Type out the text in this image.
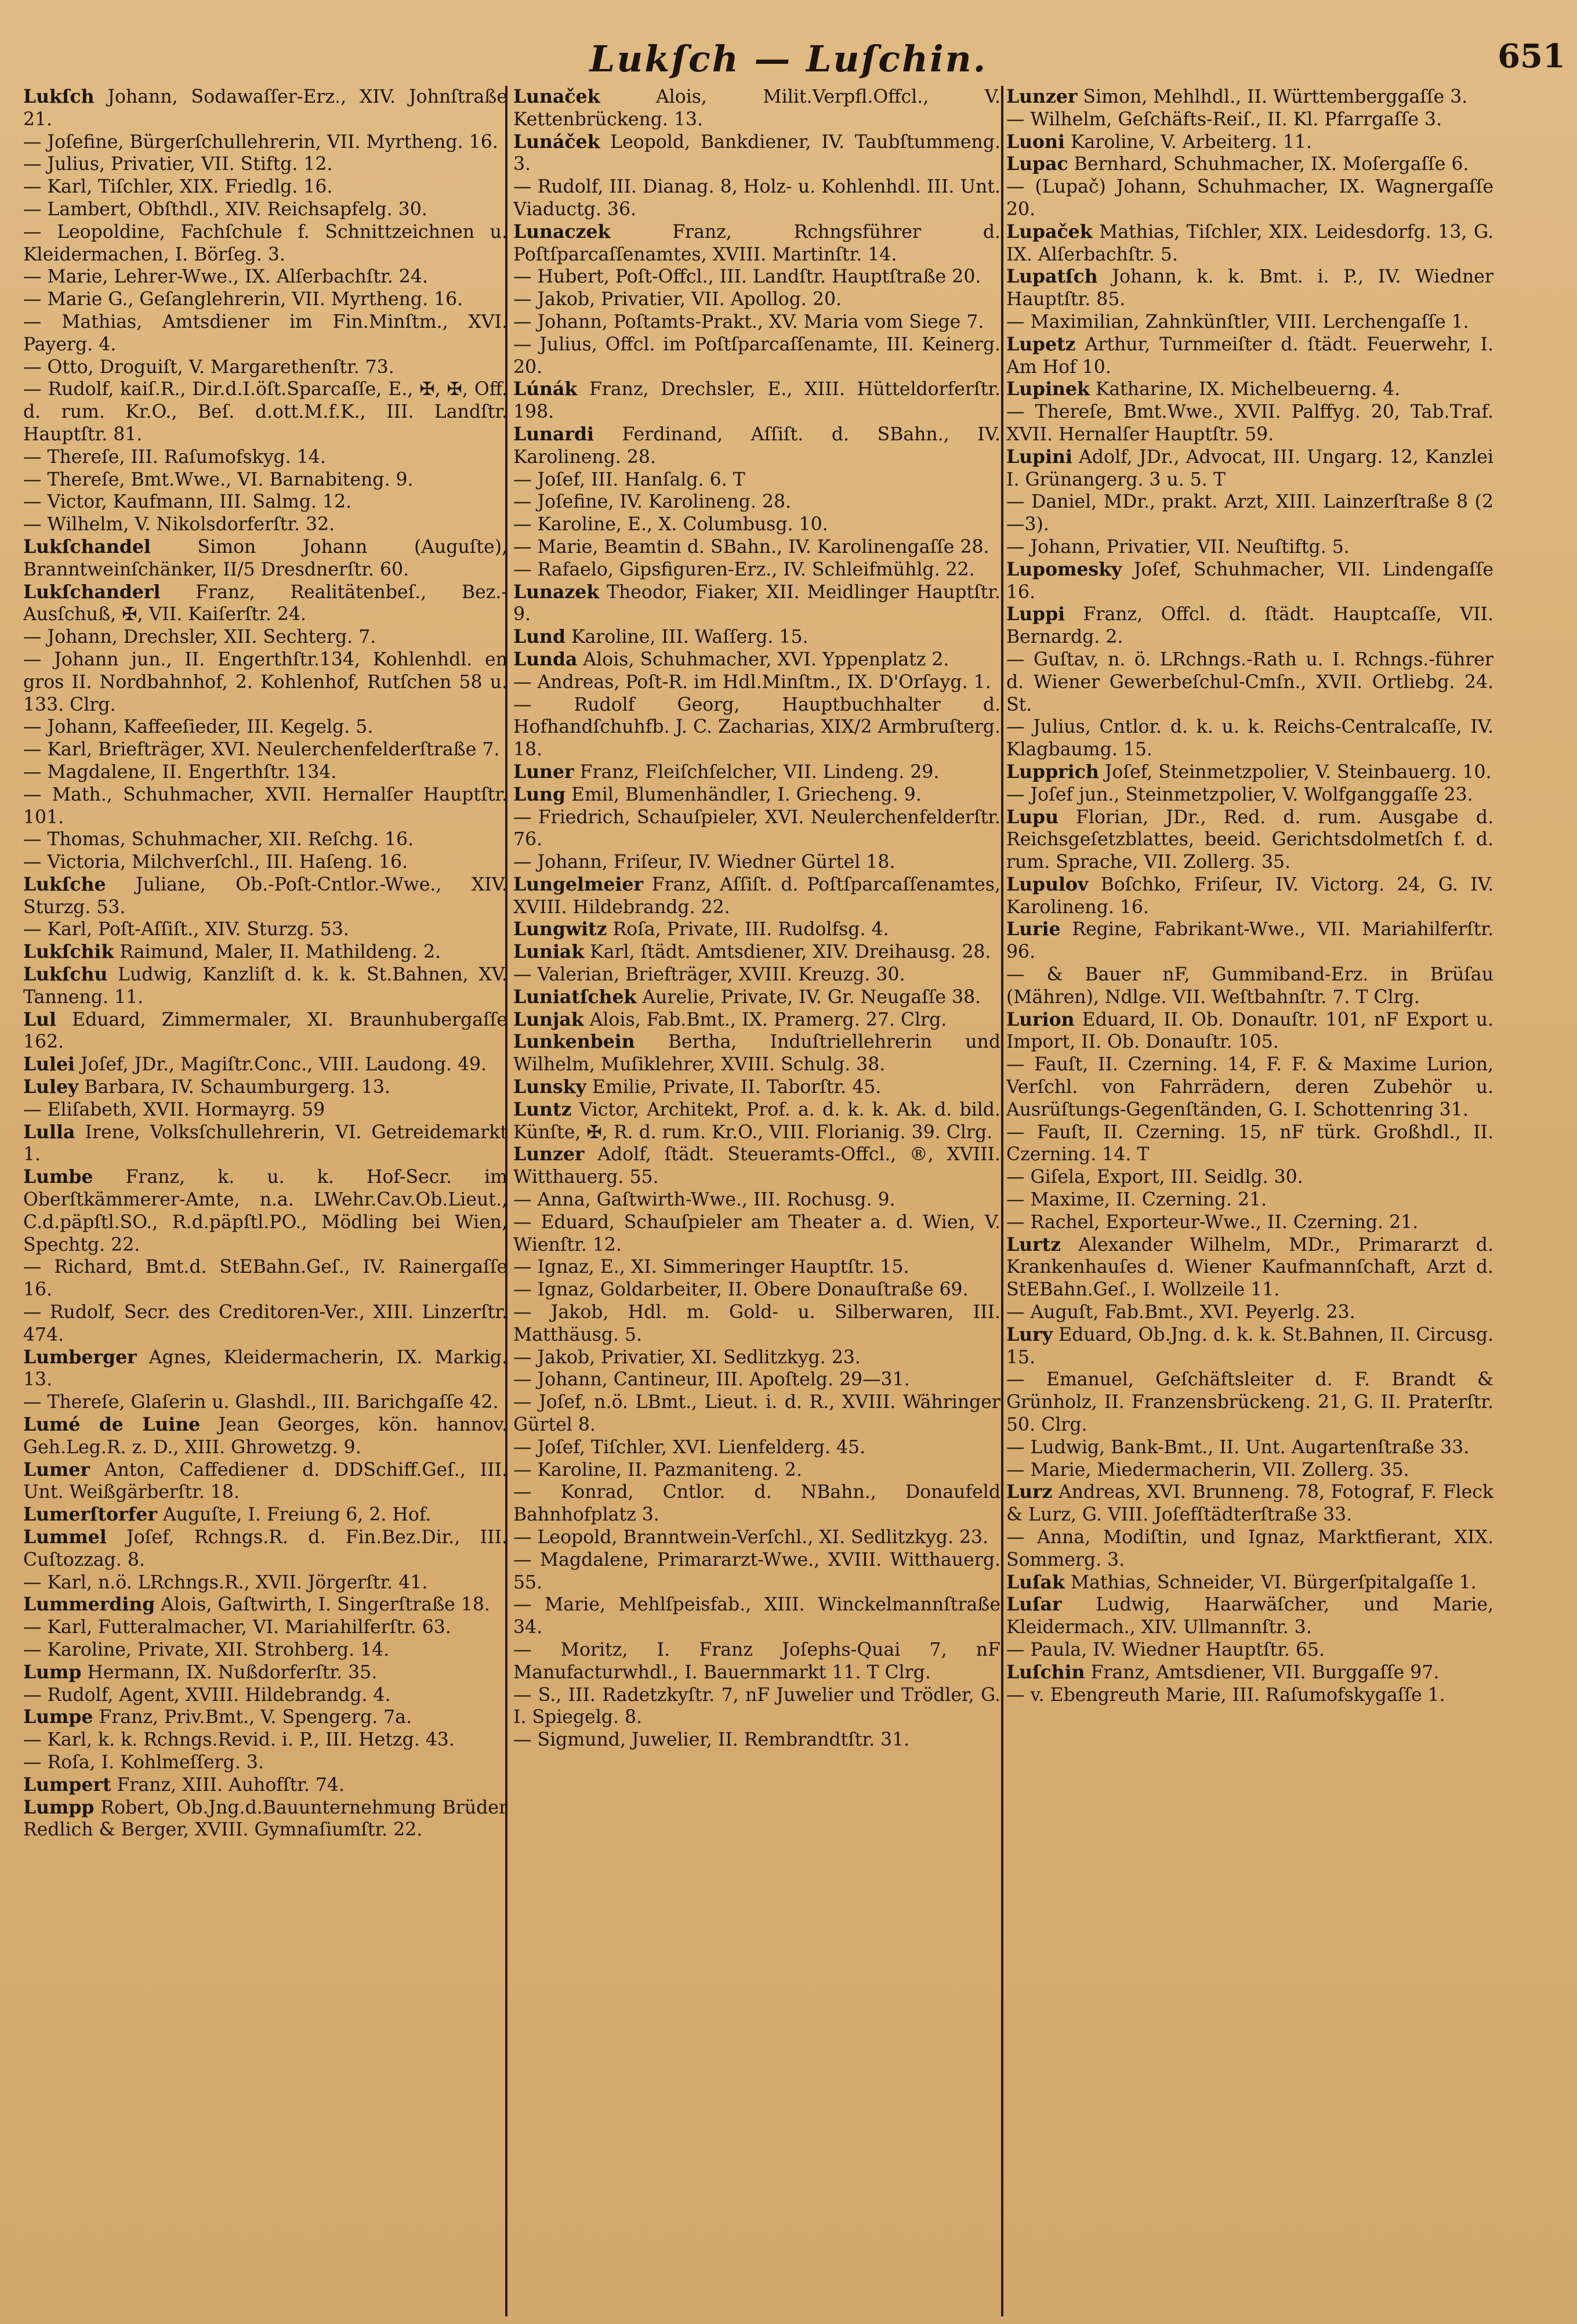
Lukſch — Luſchin.	651
Lukſch Johann, Sodawaſſer-Erz., XIV. Johnſtraße 21.
— Joſefine, Bürgerſchullehrerin, VII. Myrtheng. 16.
— Julius, Privatier, VII. Stiftg. 12.
— Karl, Tiſchler, XIX. Friedlg. 16.
— Lambert, Obſthdl., XIV. Reichsapfelg. 30.
— Leopoldine, Fachſchule f. Schnittzeichnen u. Kleidermachen, I. Börſeg. 3.
— Marie, Lehrer-Wwe., IX. Alſerbachſtr. 24.
— Marie G., Geſanglehrerin, VII. Myrtheng. 16.
— Mathias, Amtsdiener im Fin.Minſtm., XVI. Payerg. 4.
— Otto, Droguiſt, V. Margarethenſtr. 73.
— Rudolf, kaiſ.R., Dir.d.I.öſt.Sparcaſſe, E., ✠, ✠, Off. d. rum. Kr.O., Beſ. d.ott.M.f.K., III. Landſtr. Hauptſtr. 81.
— Thereſe, III. Raſumofskyg. 14.
— Thereſe, Bmt.Wwe., VI. Barnabiteng. 9.
— Victor, Kaufmann, III. Salmg. 12.
— Wilhelm, V. Nikolsdorferſtr. 32.
Lukſchandel Simon Johann (Auguſte), Branntweinſchänker, II/5 Dresdnerſtr. 60.
Lukſchanderl Franz, Realitätenbeſ., Bez.-Ausſchuß, ✠, VII. Kaiſerſtr. 24.
— Johann, Drechsler, XII. Sechterg. 7.
— Johann jun., II. Engerthſtr.134, Kohlenhdl. en gros II. Nordbahnhof, 2. Kohlenhof, Rutſchen 58 u. 133. Clrg.
— Johann, Kaffeeſieder, III. Kegelg. 5.
— Karl, Briefträger, XVI. Neulerchenfelderſtraße 7.
— Magdalene, II. Engerthſtr. 134.
— Math., Schuhmacher, XVII. Hernalſer Hauptſtr. 101.
— Thomas, Schuhmacher, XII. Reſchg. 16.
— Victoria, Milchverſchl., III. Haſeng. 16.
Lukſche Juliane, Ob.-Poſt-Cntlor.-Wwe., XIV. Sturzg. 53.
— Karl, Poſt-Aſſiſt., XIV. Sturzg. 53.
Lukſchik Raimund, Maler, II. Mathildeng. 2.
Lukſchu Ludwig, Kanzliſt d. k. k. St.Bahnen, XV. Tanneng. 11.
Lul Eduard, Zimmermaler, XI. Braunhubergaſſe 162.
Lulei Joſef, JDr., Magiſtr.Conc., VIII. Laudong. 49.
Luley Barbara, IV. Schaumburgerg. 13.
— Eliſabeth, XVII. Hormayrg. 59
Lulla Irene, Volksſchullehrerin, VI. Getreidemarkt 1.
Lumbe Franz, k. u. k. Hof-Secr. im Oberſtkämmerer-Amte, n.a. LWehr.Cav.Ob.Lieut., C.d.päpſtl.SO., R.d.päpſtl.PO., Mödling bei Wien, Spechtg. 22.
— Richard, Bmt.d. StEBahn.Geſ., IV. Rainergaſſe 16.
— Rudolf, Secr. des Creditoren-Ver., XIII. Linzerſtr. 474.
Lumberger Agnes, Kleidermacherin, IX. Markig. 13.
— Thereſe, Glaſerin u. Glashdl., III. Barichgaſſe 42.
Lumé de Luine Jean Georges, kön. hannov. Geh.Leg.R. z. D., XIII. Ghrowetzg. 9.
Lumer Anton, Caffediener d. DDSchiff.Geſ., III. Unt. Weißgärberſtr. 18.
Lumerſtorfer Auguſte, I. Freiung 6, 2. Hof.
Lummel Joſef, Rchngs.R. d. Fin.Bez.Dir., III. Cuſtozzag. 8.
— Karl, n.ö. LRchngs.R., XVII. Jörgerſtr. 41.
Lummerding Alois, Gaſtwirth, I. Singerſtraße 18.
— Karl, Futteralmacher, VI. Mariahilferſtr. 63.
— Karoline, Private, XII. Strohberg. 14.
Lump Hermann, IX. Nußdorferſtr. 35.
— Rudolf, Agent, XVIII. Hildebrandg. 4.
Lumpe Franz, Priv.Bmt., V. Spengerg. 7a.
— Karl, k. k. Rchngs.Revid. i. P., III. Hetzg. 43.
— Roſa, I. Kohlmeſſerg. 3.
Lumpert Franz, XIII. Auhofſtr. 74.
Lumpp Robert, Ob.Jng.d.Bauunternehmung Brüder Redlich & Berger, XVIII. Gymnaſiumſtr. 22.
Lunaček Alois, Milit.Verpfl.Offcl., V. Kettenbrückeng. 13.
Lunáček Leopold, Bankdiener, IV. Taubſtummeng. 3.
— Rudolf, III. Dianag. 8, Holz- u. Kohlenhdl. III. Unt. Viaductg. 36.
Lunaczek Franz, Rchngsführer d. Poſtſparcaſſenamtes, XVIII. Martinſtr. 14.
— Hubert, Poſt-Offcl., III. Landſtr. Hauptſtraße 20.
— Jakob, Privatier, VII. Apollog. 20.
— Johann, Poſtamts-Prakt., XV. Maria vom Siege 7.
— Julius, Offcl. im Poſtſparcaſſenamte, III. Keinerg. 20.
Lúnák Franz, Drechsler, E., XIII. Hütteldorferſtr. 198.
Lunardi Ferdinand, Aſſiſt. d. SBahn., IV. Karolineng. 28.
— Joſef, III. Hanſalg. 6. T
— Joſefine, IV. Karolineng. 28.
— Karoline, E., X. Columbusg. 10.
— Marie, Beamtin d. SBahn., IV. Karolinengaſſe 28.
— Rafaelo, Gipsfiguren-Erz., IV. Schleifmühlg. 22.
Lunazek Theodor, Fiaker, XII. Meidlinger Hauptſtr. 9.
Lund Karoline, III. Waſſerg. 15.
Lunda Alois, Schuhmacher, XVI. Yppenplatz 2.
— Andreas, Poſt-R. im Hdl.Minſtm., IX. D'Orſayg. 1.
— Rudolf Georg, Hauptbuchhalter d. Hofhandſchuhfb. J. C. Zacharias, XIX/2 Armbruſterg. 18.
Luner Franz, Fleiſchſelcher, VII. Lindeng. 29.
Lung Emil, Blumenhändler, I. Griecheng. 9.
— Friedrich, Schauſpieler, XVI. Neulerchenfelderſtr. 76.
— Johann, Friſeur, IV. Wiedner Gürtel 18.
Lungelmeier Franz, Aſſiſt. d. Poſtſparcaſſenamtes, XVIII. Hildebrandg. 22.
Lungwitz Roſa, Private, III. Rudolfsg. 4.
Luniak Karl, ſtädt. Amtsdiener, XIV. Dreihausg. 28.
— Valerian, Briefträger, XVIII. Kreuzg. 30.
Luniatſchek Aurelie, Private, IV. Gr. Neugaſſe 38.
Lunjak Alois, Fab.Bmt., IX. Pramerg. 27. Clrg.
Lunkenbein Bertha, Induſtriellehrerin und Wilhelm, Muſiklehrer, XVIII. Schulg. 38.
Lunsky Emilie, Private, II. Taborſtr. 45.
Luntz Victor, Architekt, Prof. a. d. k. k. Ak. d. bild. Künſte, ✠, R. d. rum. Kr.O., VIII. Florianig. 39. Clrg.
Lunzer Adolf, ſtädt. Steueramts-Offcl., ®, XVIII. Witthauerg. 55.
— Anna, Gaſtwirth-Wwe., III. Rochusg. 9.
— Eduard, Schauſpieler am Theater a. d. Wien, V. Wienſtr. 12.
— Ignaz, E., XI. Simmeringer Hauptſtr. 15.
— Ignaz, Goldarbeiter, II. Obere Donauſtraße 69.
— Jakob, Hdl. m. Gold- u. Silberwaren, III. Matthäusg. 5.
— Jakob, Privatier, XI. Sedlitzkyg. 23.
— Johann, Cantineur, III. Apoſtelg. 29—31.
— Joſef, n.ö. LBmt., Lieut. i. d. R., XVIII. Währinger Gürtel 8.
— Joſef, Tiſchler, XVI. Lienfelderg. 45.
— Karoline, II. Pazmaniteng. 2.
— Konrad, Cntlor. d. NBahn., Donaufeld Bahnhofplatz 3.
— Leopold, Branntwein-Verſchl., XI. Sedlitzkyg. 23.
— Magdalene, Primararzt-Wwe., XVIII. Witthauerg. 55.
— Marie, Mehlſpeisfab., XIII. Winckelmannſtraße 34.
— Moritz, I. Franz Joſephs-Quai 7, nF Manufacturwhdl., I. Bauernmarkt 11. T Clrg.
— S., III. Radetzkyſtr. 7, nF Juwelier und Trödler, G. I. Spiegelg. 8.
— Sigmund, Juwelier, II. Rembrandtſtr. 31.
Lunzer Simon, Mehlhdl., II. Württemberggaſſe 3.
— Wilhelm, Geſchäfts-Reiſ., II. Kl. Pfarrgaſſe 3.
Luoni Karoline, V. Arbeiterg. 11.
Lupac Bernhard, Schuhmacher, IX. Moſergaſſe 6.
— (Lupač) Johann, Schuhmacher, IX. Wagnergaſſe 20.
Lupaček Mathias, Tiſchler, XIX. Leidesdorfg. 13, G. IX. Alſerbachſtr. 5.
Lupatſch Johann, k. k. Bmt. i. P., IV. Wiedner Hauptſtr. 85.
— Maximilian, Zahnkünſtler, VIII. Lerchengaſſe 1.
Lupetz Arthur, Turnmeiſter d. ſtädt. Feuerwehr, I. Am Hof 10.
Lupinek Katharine, IX. Michelbeuerng. 4.
— Thereſe, Bmt.Wwe., XVII. Palffyg. 20, Tab.Traf. XVII. Hernalſer Hauptſtr. 59.
Lupini Adolf, JDr., Advocat, III. Ungarg. 12, Kanzlei I. Grünangerg. 3 u. 5. T
— Daniel, MDr., prakt. Arzt, XIII. Lainzerſtraße 8 (2—3).
— Johann, Privatier, VII. Neuſtiftg. 5.
Lupomesky Joſef, Schuhmacher, VII. Lindengaſſe 16.
Luppi Franz, Offcl. d. ſtädt. Hauptcaſſe, VII. Bernardg. 2.
— Guſtav, n. ö. LRchngs.-Rath u. I. Rchngs.-führer d. Wiener Gewerbeſchul-Cmſn., XVII. Ortliebg. 24. St.
— Julius, Cntlor. d. k. u. k. Reichs-Centralcaſſe, IV. Klagbaumg. 15.
Lupprich Joſef, Steinmetzpolier, V. Steinbauerg. 10.
— Joſef jun., Steinmetzpolier, V. Wolfganggaſſe 23.
Lupu Florian, JDr., Red. d. rum. Ausgabe d. Reichsgeſetzblattes, beeid. Gerichtsdolmetſch f. d. rum. Sprache, VII. Zollerg. 35.
Lupulov Boſchko, Friſeur, IV. Victorg. 24, G. IV. Karolineng. 16.
Lurie Regine, Fabrikant-Wwe., VII. Mariahilferſtr. 96.
— & Bauer nF, Gummiband-Erz. in Brüſau (Mähren), Ndlge. VII. Weſtbahnſtr. 7. T Clrg.
Lurion Eduard, II. Ob. Donauſtr. 101, nF Export u. Import, II. Ob. Donauſtr. 105.
— Fauſt, II. Czerning. 14, F. F. & Maxime Lurion, Verſchl. von Fahrrädern, deren Zubehör u. Ausrüſtungs-Gegenſtänden, G. I. Schottenring 31.
— Fauſt, II. Czerning. 15, nF türk. Großhdl., II. Czerning. 14. T
— Giſela, Export, III. Seidlg. 30.
— Maxime, II. Czerning. 21.
— Rachel, Exporteur-Wwe., II. Czerning. 21.
Lurtz Alexander Wilhelm, MDr., Primararzt d. Krankenhauſes d. Wiener Kaufmannſchaft, Arzt d. StEBahn.Geſ., I. Wollzeile 11.
— Auguſt, Fab.Bmt., XVI. Peyerlg. 23.
Lury Eduard, Ob.Jng. d. k. k. St.Bahnen, II. Circusg. 15.
— Emanuel, Geſchäftsleiter d. F. Brandt & Grünholz, II. Franzensbrückeng. 21, G. II. Praterſtr. 50. Clrg.
— Ludwig, Bank-Bmt., II. Unt. Augartenſtraße 33.
— Marie, Miedermacherin, VII. Zollerg. 35.
Lurz Andreas, XVI. Brunneng. 78, Fotograf, F. Fleck & Lurz, G. VIII. Joſefſtädterſtraße 33.
— Anna, Modiſtin, und Ignaz, Marktfierant, XIX. Sommerg. 3.
Luſak Mathias, Schneider, VI. Bürgerſpitalgaſſe 1.
Luſar Ludwig, Haarwäſcher, und Marie, Kleidermach., XIV. Ullmannſtr. 3.
— Paula, IV. Wiedner Hauptſtr. 65.
Luſchin Franz, Amtsdiener, VII. Burggaſſe 97.
— v. Ebengreuth Marie, III. Raſumofskygaſſe 1.
